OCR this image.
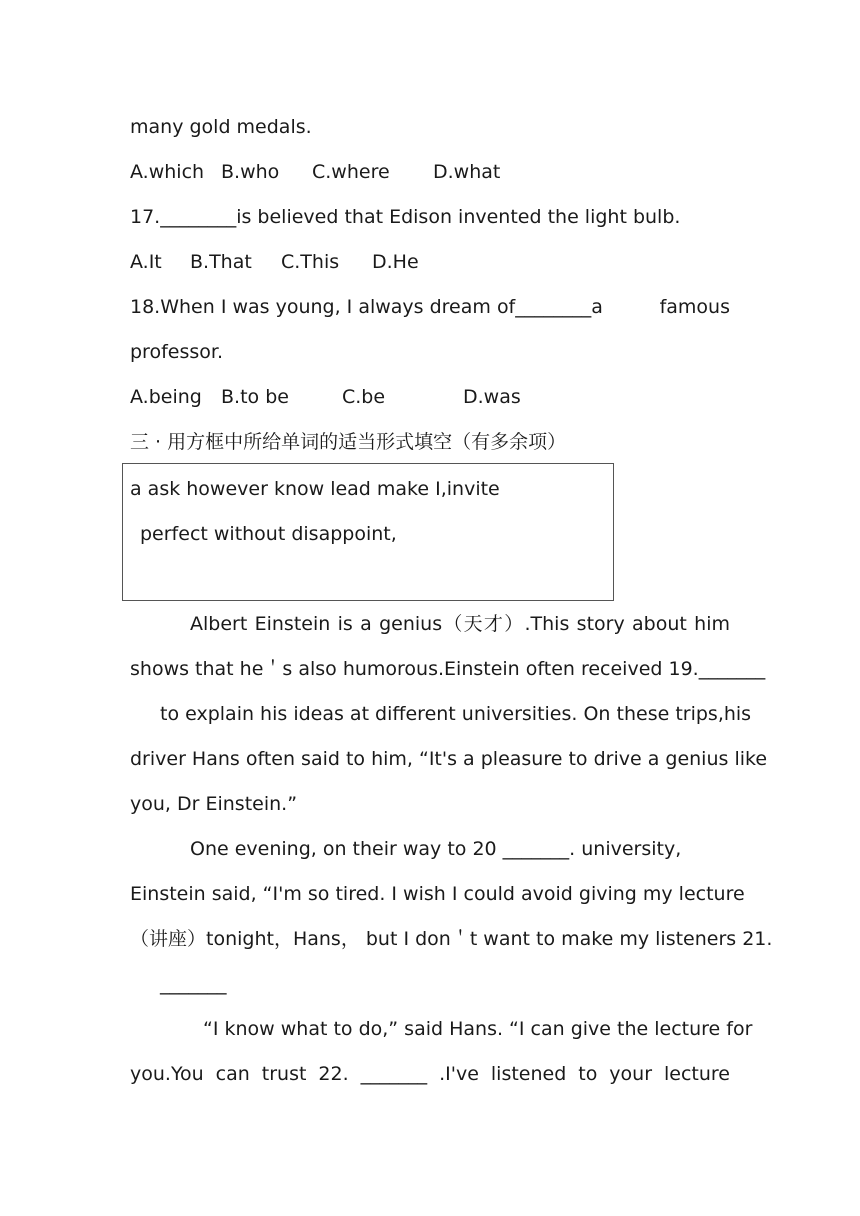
many gold medals.
A.which B.who C.where D.what
17.________is believed that Edison invented the light bulb.
A.It B.That C.This D.He
18.When I was young, I always dream of________a	famous
professor.
A.being B.to be	C.be	D.was
三 · 用方框中所给单词的适当形式填空（有多余项）
a ask however know lead make I,invite
perfect without disappoint,
Albert Einstein is a genius（天才）.This story about him
shows that he＇s also humorous.Einstein often received 19._______
to explain his ideas at different universities. On these trips,his
driver Hans often said to him, “It's a pleasure to drive a genius like
you, Dr Einstein.”
One evening, on their way to 20 _______. university,
Einstein said, “I'm so tired. I wish I could avoid giving my lecture
（讲座）tonight，Hans， but I don＇t want to make my listeners 21.
_______
“I know what to do,” said Hans. “I can give the lecture for
you.You can trust 22. _______ .I've listened to your lecture
